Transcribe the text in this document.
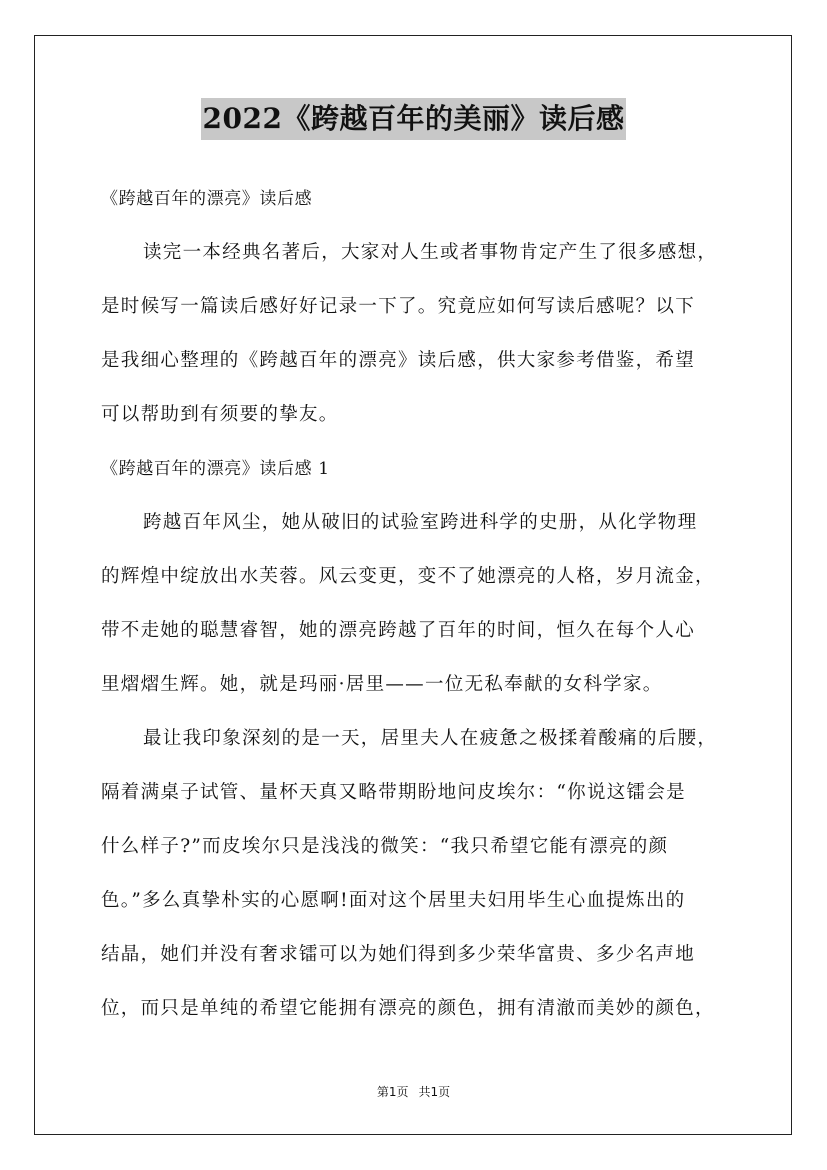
2022《跨越百年的美丽》读后感
《跨越百年的漂亮》读后感
读完一本经典名著后，大家对人生或者事物肯定产生了很多感想，
是时候写一篇读后感好好记录一下了。究竟应如何写读后感呢？以下
是我细心整理的《跨越百年的漂亮》读后感，供大家参考借鉴，希望
可以帮助到有须要的挚友。
《跨越百年的漂亮》读后感 1
跨越百年风尘，她从破旧的试验室跨进科学的史册，从化学物理
的辉煌中绽放出水芙蓉。风云变更，变不了她漂亮的人格，岁月流金，
带不走她的聪慧睿智，她的漂亮跨越了百年的时间，恒久在每个人心
里熠熠生辉。她，就是玛丽·居里——一位无私奉献的女科学家。
最让我印象深刻的是一天，居里夫人在疲惫之极揉着酸痛的后腰，
隔着满桌子试管、量杯天真又略带期盼地问皮埃尔：“你说这镭会是
什么样子?”而皮埃尔只是浅浅的微笑：“我只希望它能有漂亮的颜
色。”多么真挚朴实的心愿啊!面对这个居里夫妇用毕生心血提炼出的
结晶，她们并没有奢求镭可以为她们得到多少荣华富贵、多少名声地
位，而只是单纯的希望它能拥有漂亮的颜色，拥有清澈而美妙的颜色，
第1页 共1页
